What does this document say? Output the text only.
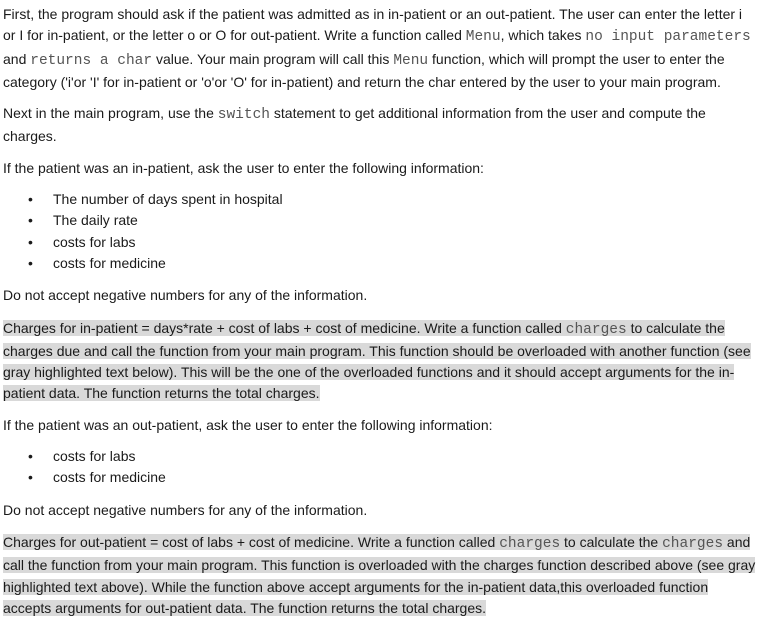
First, the program should ask if the patient was admitted as in in-patient or an out-patient. The user can enter the letter i or I for in-patient, or the letter o or O for out-patient. Write a function called Menu, which takes no input parameters and returns a char value. Your main program will call this Menu function, which will prompt the user to enter the category ('i'or 'I' for in-patient or 'o'or 'O' for in-patient) and return the char entered by the user to your main program.

Next in the main program, use the switch statement to get additional information from the user and compute the charges.

If the patient was an in-patient, ask the user to enter the following information:

• The number of days spent in hospital
• The daily rate
• costs for labs
• costs for medicine

Do not accept negative numbers for any of the information.

Charges for in-patient = days*rate + cost of labs + cost of medicine. Write a function called charges to calculate the charges due and call the function from your main program. This function should be overloaded with another function (see gray highlighted text below). This will be the one of the overloaded functions and it should accept arguments for the in-patient data. The function returns the total charges.

If the patient was an out-patient, ask the user to enter the following information:

• costs for labs
• costs for medicine

Do not accept negative numbers for any of the information.

Charges for out-patient = cost of labs + cost of medicine. Write a function called charges to calculate the charges and call the function from your main program. This function is overloaded with the charges function described above (see gray highlighted text above). While the function above accept arguments for the in-patient data,this overloaded function accepts arguments for out-patient data. The function returns the total charges.
